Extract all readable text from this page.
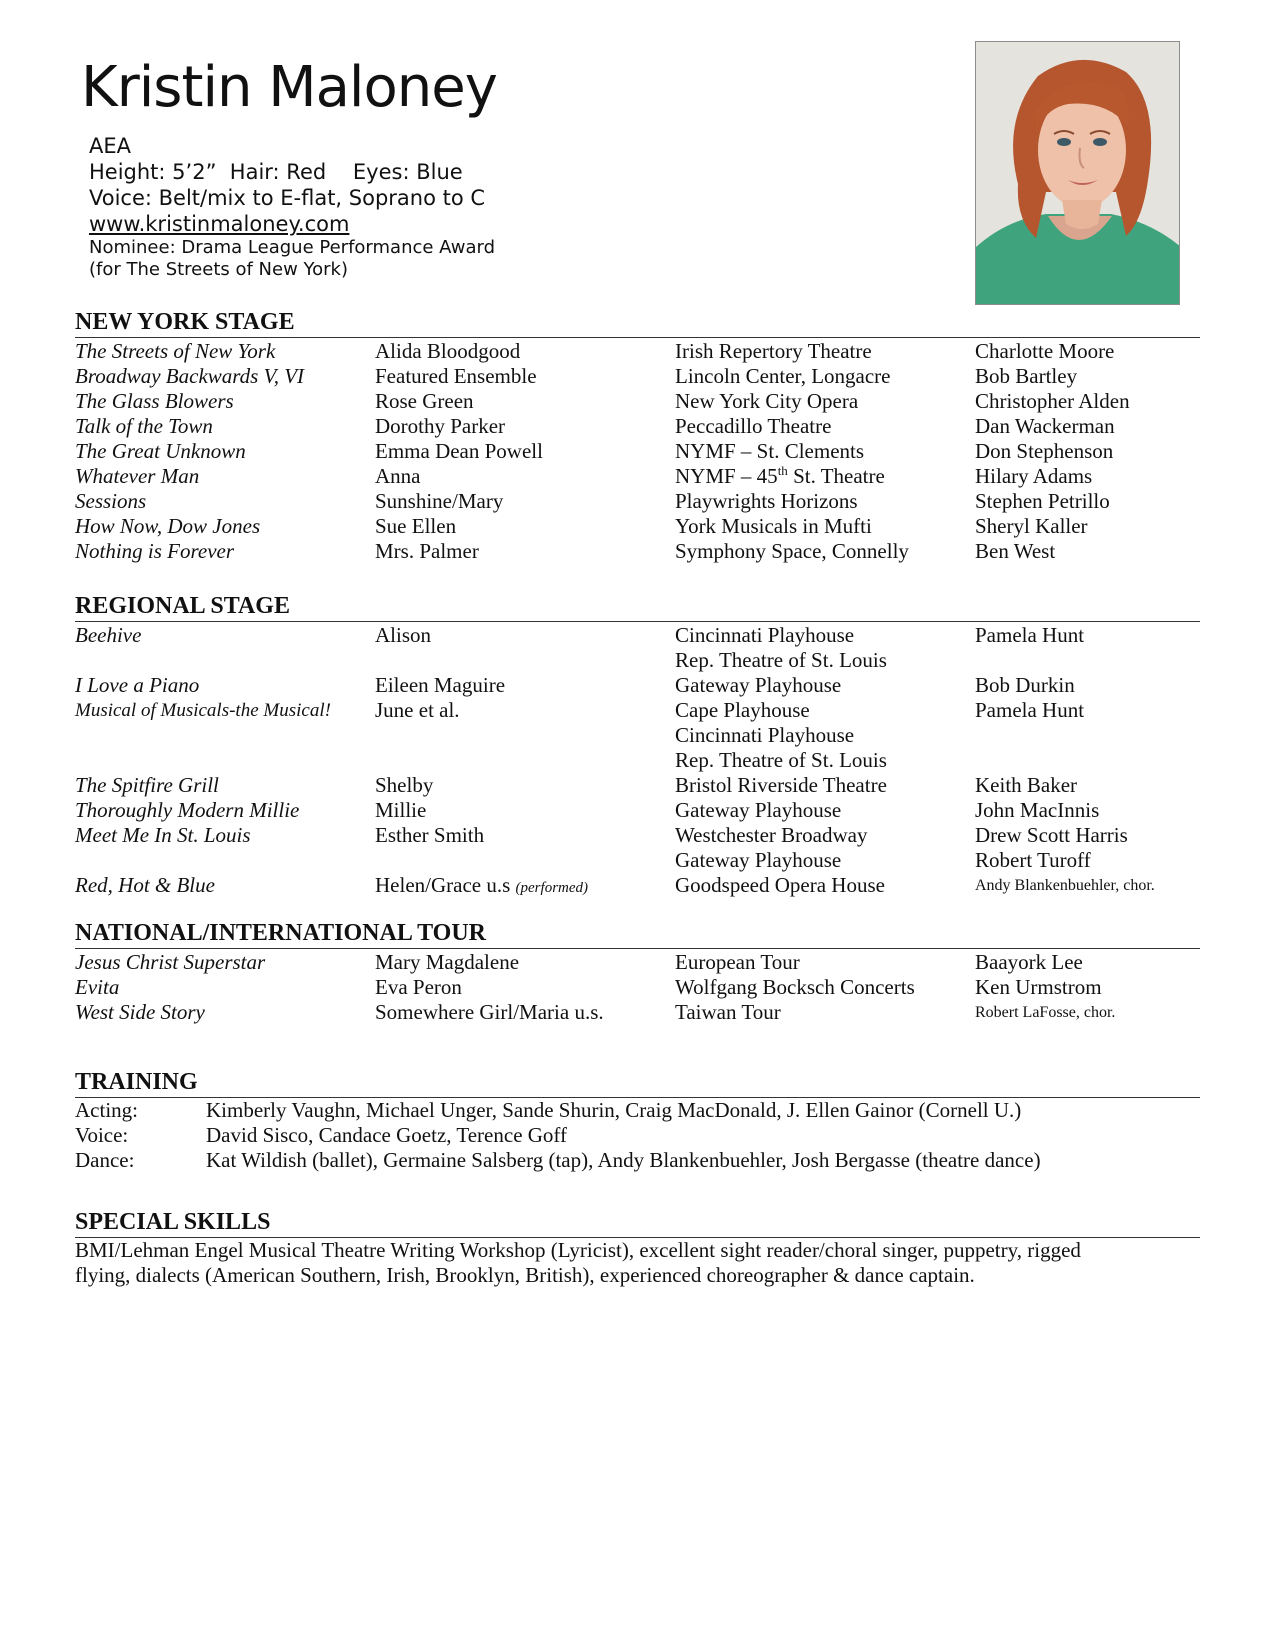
Kristin Maloney
AEA
Height: 5’2”  Hair: Red    Eyes: Blue
Voice: Belt/mix to E-flat, Soprano to C
www.kristinmaloney.com
Nominee: Drama League Performance Award
(for The Streets of New York)
NEW YORK STAGE
The Streets of New York	Alida Bloodgood	Irish Repertory Theatre	Charlotte Moore
Broadway Backwards V, VI	Featured Ensemble	Lincoln Center, Longacre	Bob Bartley
The Glass Blowers	Rose Green	New York City Opera	Christopher Alden
Talk of the Town	Dorothy Parker	Peccadillo Theatre	Dan Wackerman
The Great Unknown	Emma Dean Powell	NYMF – St. Clements	Don Stephenson
Whatever Man	Anna	NYMF – 45th St. Theatre	Hilary Adams
Sessions	Sunshine/Mary	Playwrights Horizons	Stephen Petrillo
How Now, Dow Jones	Sue Ellen	York Musicals in Mufti	Sheryl Kaller
Nothing is Forever	Mrs. Palmer	Symphony Space, Connelly	Ben West
REGIONAL STAGE
Beehive	Alison	Cincinnati Playhouse	Pamela Hunt
Rep. Theatre of St. Louis
I Love a Piano	Eileen Maguire	Gateway Playhouse	Bob Durkin
Musical of Musicals-the Musical!	June et al.	Cape Playhouse	Pamela Hunt
Cincinnati Playhouse
Rep. Theatre of St. Louis
The Spitfire Grill	Shelby	Bristol Riverside Theatre	Keith Baker
Thoroughly Modern Millie	Millie	Gateway Playhouse	John MacInnis
Meet Me In St. Louis	Esther Smith	Westchester Broadway	Drew Scott Harris
Gateway Playhouse	Robert Turoff
Red, Hot & Blue	Helen/Grace u.s (performed)	Goodspeed Opera House	Andy Blankenbuehler, chor.
NATIONAL/INTERNATIONAL TOUR
Jesus Christ Superstar	Mary Magdalene	European Tour	Baayork Lee
Evita	Eva Peron	Wolfgang Bocksch Concerts	Ken Urmstrom
West Side Story	Somewhere Girl/Maria u.s.	Taiwan Tour	Robert LaFosse, chor.
TRAINING
Acting:	Kimberly Vaughn, Michael Unger, Sande Shurin, Craig MacDonald, J. Ellen Gainor (Cornell U.)
Voice:	David Sisco, Candace Goetz, Terence Goff
Dance:	Kat Wildish (ballet), Germaine Salsberg (tap), Andy Blankenbuehler, Josh Bergasse (theatre dance)
SPECIAL SKILLS
BMI/Lehman Engel Musical Theatre Writing Workshop (Lyricist), excellent sight reader/choral singer, puppetry, rigged
flying, dialects (American Southern, Irish, Brooklyn, British), experienced choreographer & dance captain.
